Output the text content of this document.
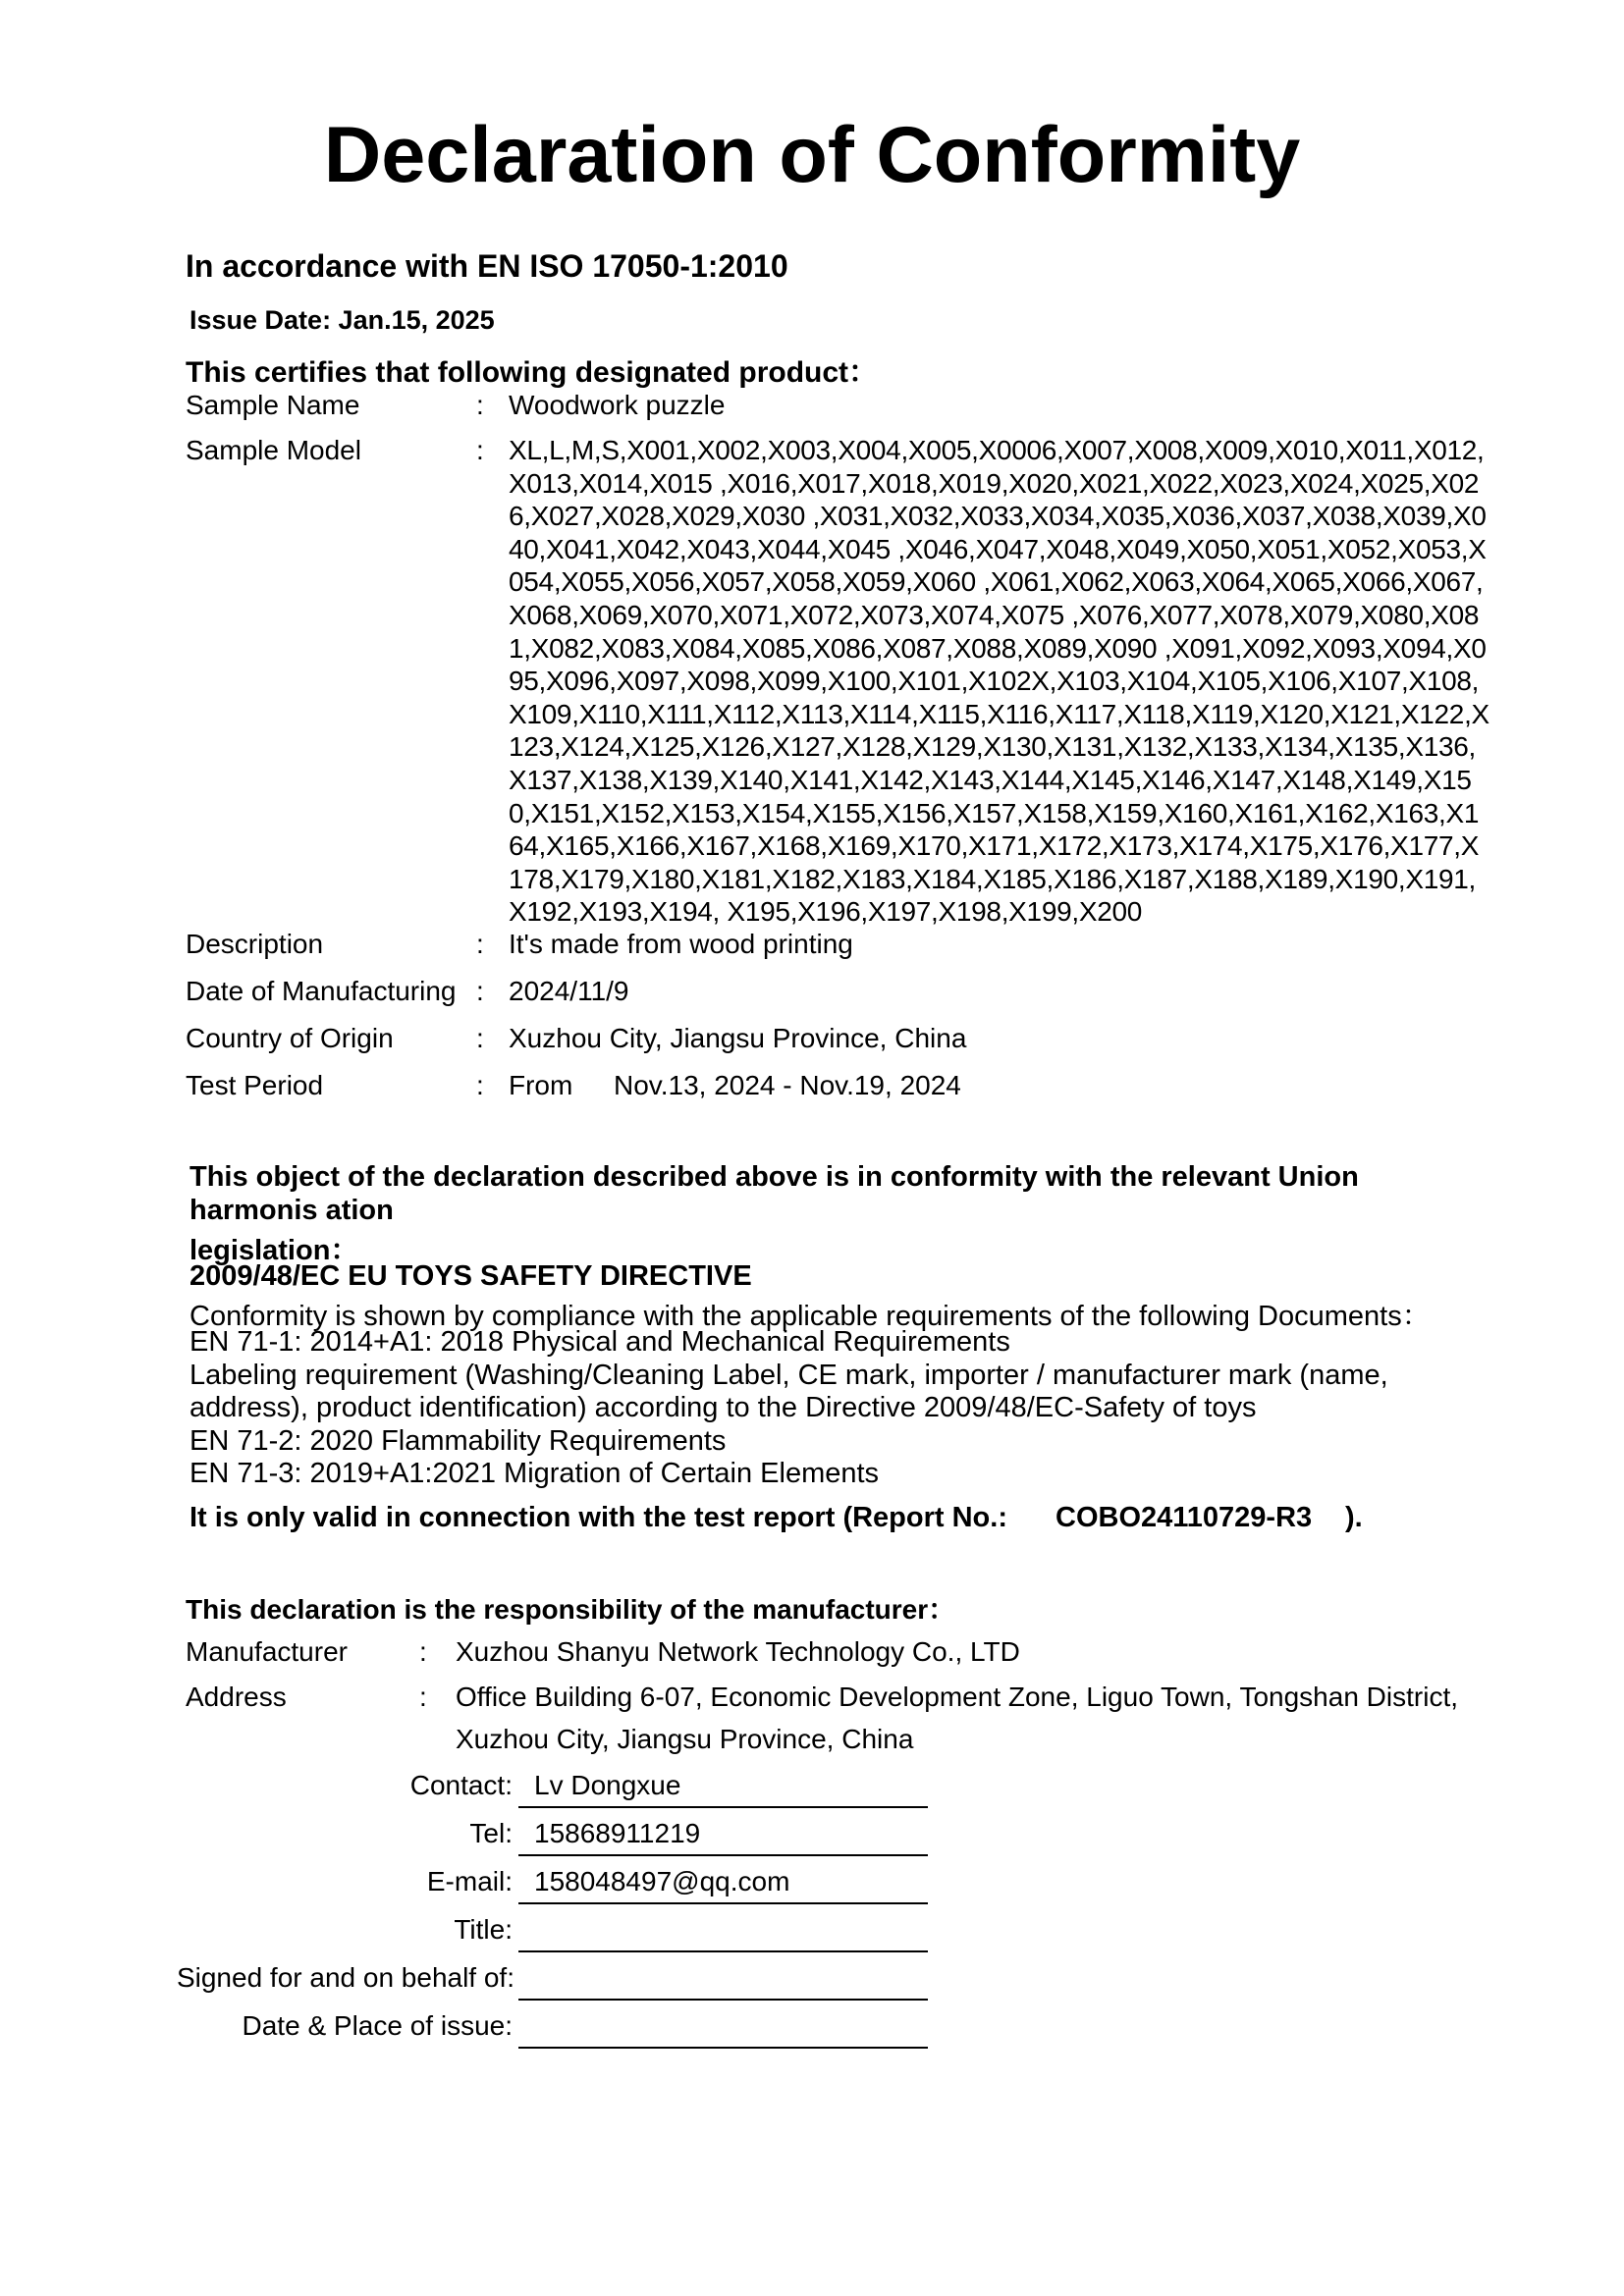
Declaration of Conformity
In accordance with EN ISO 17050-1:2010
Issue Date: Jan.15, 2025
This certifies that following designated product：
Sample Name	: Woodwork puzzle
Sample Model	: XL,L,M,S,X001,X002,X003,X004,X005,X0006,X007,X008,X009,X010,X011,X012,X013,X014,X015 ,X016,X017,X018,X019,X020,X021,X022,X023,X024,X025,X026,X027,X028,X029,X030 ,X031,X032,X033,X034,X035,X036,X037,X038,X039,X040,X041,X042,X043,X044,X045 ,X046,X047,X048,X049,X050,X051,X052,X053,X054,X055,X056,X057,X058,X059,X060 ,X061,X062,X063,X064,X065,X066,X067,X068,X069,X070,X071,X072,X073,X074,X075 ,X076,X077,X078,X079,X080,X081,X082,X083,X084,X085,X086,X087,X088,X089,X090 ,X091,X092,X093,X094,X095,X096,X097,X098,X099,X100,X101,X102X,X103,X104,X105,X106,X107,X108,X109,X110,X111,X112,X113,X114,X115,X116,X117,X118,X119,X120,X121,X122,X123,X124,X125,X126,X127,X128,X129,X130,X131,X132,X133,X134,X135,X136,X137,X138,X139,X140,X141,X142,X143,X144,X145,X146,X147,X148,X149,X150,X151,X152,X153,X154,X155,X156,X157,X158,X159,X160,X161,X162,X163,X164,X165,X166,X167,X168,X169,X170,X171,X172,X173,X174,X175,X176,X177,X178,X179,X180,X181,X182,X183,X184,X185,X186,X187,X188,X189,X190,X191,X192,X193,X194, X195,X196,X197,X198,X199,X200
Description	: It's made from wood printing
Date of Manufacturing : 2024/11/9
Country of Origin	: Xuzhou City, Jiangsu Province, China
Test Period	: From Nov.13, 2024 - Nov.19, 2024
This object of the declaration described above is in conformity with the relevant Union
harmonis ation
legislation：
2009/48/EC EU TOYS SAFETY DIRECTIVE
Conformity is shown by compliance with the applicable requirements of the following Documents：
EN 71-1: 2014+A1: 2018 Physical and Mechanical Requirements
Labeling requirement (Washing/Cleaning Label, CE mark, importer / manufacturer mark (name,
address), product identification) according to the Directive 2009/48/EC-Safety of toys
EN 71-2: 2020 Flammability Requirements
EN 71-3: 2019+A1:2021 Migration of Certain Elements
It is only valid in connection with the test report (Report No.: COBO24110729-R3 ).
This declaration is the responsibility of the manufacturer：
Manufacturer	: Xuzhou Shanyu Network Technology Co., LTD
Address	: Office Building 6-07, Economic Development Zone, Liguo Town, Tongshan District,
Xuzhou City, Jiangsu Province, China
Contact: Lv Dongxue
Tel: 15868911219
E-mail: 158048497@qq.com
Title:
Signed for and on behalf of:
Date & Place of issue:
